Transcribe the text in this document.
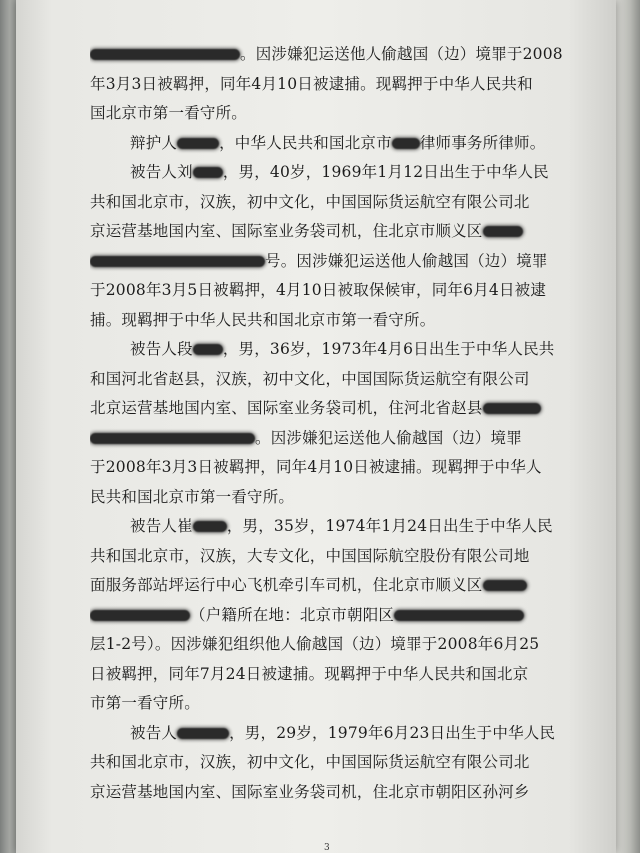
。因涉嫌犯运送他人偷越国（边）境罪于2008
年3月3日被羁押，同年4月10日被逮捕。现羁押于中华人民共和
国北京市第一看守所。
辩护人	，中华人民共和国北京市 律师事务所律师。
被告人刘 ，男，40岁，1969年1月12日出生于中华人民
共和国北京市，汉族，初中文化，中国国际货运航空有限公司北
京运营基地国内室、国际室业务袋司机，住北京市顺义区
号。因涉嫌犯运送他人偷越国（边）境罪
于2008年3月5日被羁押，4月10日被取保候审，同年6月4日被逮
捕。现羁押于中华人民共和国北京市第一看守所。
被告人段 ，男，36岁，1973年4月6日出生于中华人民共
和国河北省赵县，汉族，初中文化，中国国际货运航空有限公司
北京运营基地国内室、国际室业务袋司机，住河北省赵县
。因涉嫌犯运送他人偷越国（边）境罪
于2008年3月3日被羁押，同年4月10日被逮捕。现羁押于中华人
民共和国北京市第一看守所。
被告人崔 ，男，35岁，1974年1月24日出生于中华人民
共和国北京市，汉族，大专文化，中国国际航空股份有限公司地
面服务部站坪运行中心飞机牵引车司机，住北京市顺义区
（户籍所在地：北京市朝阳区
层1-2号）。因涉嫌犯组织他人偷越国（边）境罪于2008年6月25
日被羁押，同年7月24日被逮捕。现羁押于中华人民共和国北京
市第一看守所。
被告人	，男，29岁，1979年6月23日出生于中华人民
共和国北京市，汉族，初中文化，中国国际货运航空有限公司北
京运营基地国内室、国际室业务袋司机，住北京市朝阳区孙河乡
3
